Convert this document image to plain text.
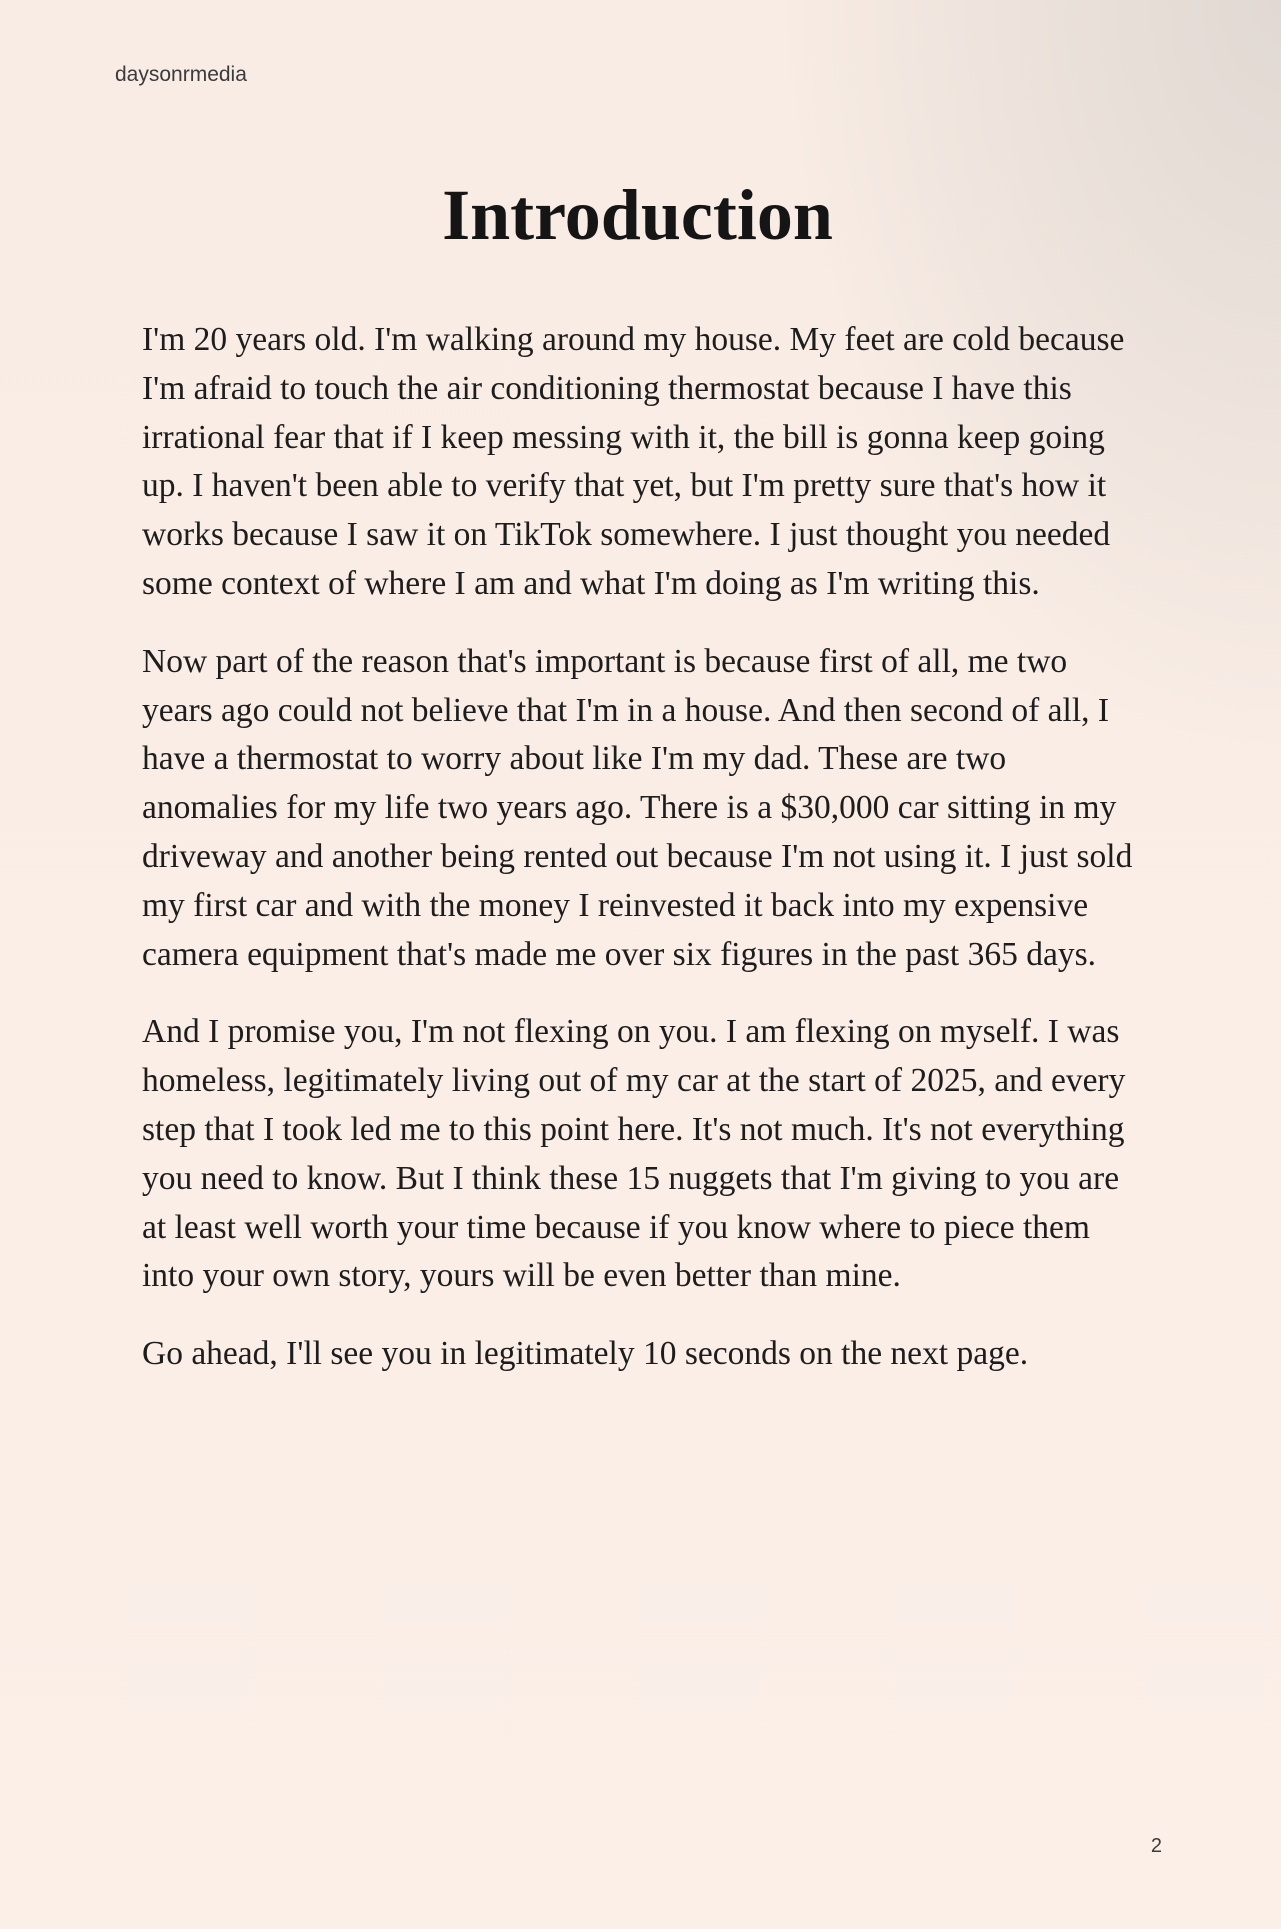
daysonrmedia

Introduction

I'm 20 years old. I'm walking around my house. My feet are cold because I'm afraid to touch the air conditioning thermostat because I have this irrational fear that if I keep messing with it, the bill is gonna keep going up. I haven't been able to verify that yet, but I'm pretty sure that's how it works because I saw it on TikTok somewhere. I just thought you needed some context of where I am and what I'm doing as I'm writing this.

Now part of the reason that's important is because first of all, me two years ago could not believe that I'm in a house. And then second of all, I have a thermostat to worry about like I'm my dad. These are two anomalies for my life two years ago. There is a $30,000 car sitting in my driveway and another being rented out because I'm not using it. I just sold my first car and with the money I reinvested it back into my expensive camera equipment that's made me over six figures in the past 365 days.

And I promise you, I'm not flexing on you. I am flexing on myself. I was homeless, legitimately living out of my car at the start of 2025, and every step that I took led me to this point here. It's not much. It's not everything you need to know. But I think these 15 nuggets that I'm giving to you are at least well worth your time because if you know where to piece them into your own story, yours will be even better than mine.

Go ahead, I'll see you in legitimately 10 seconds on the next page.

2
